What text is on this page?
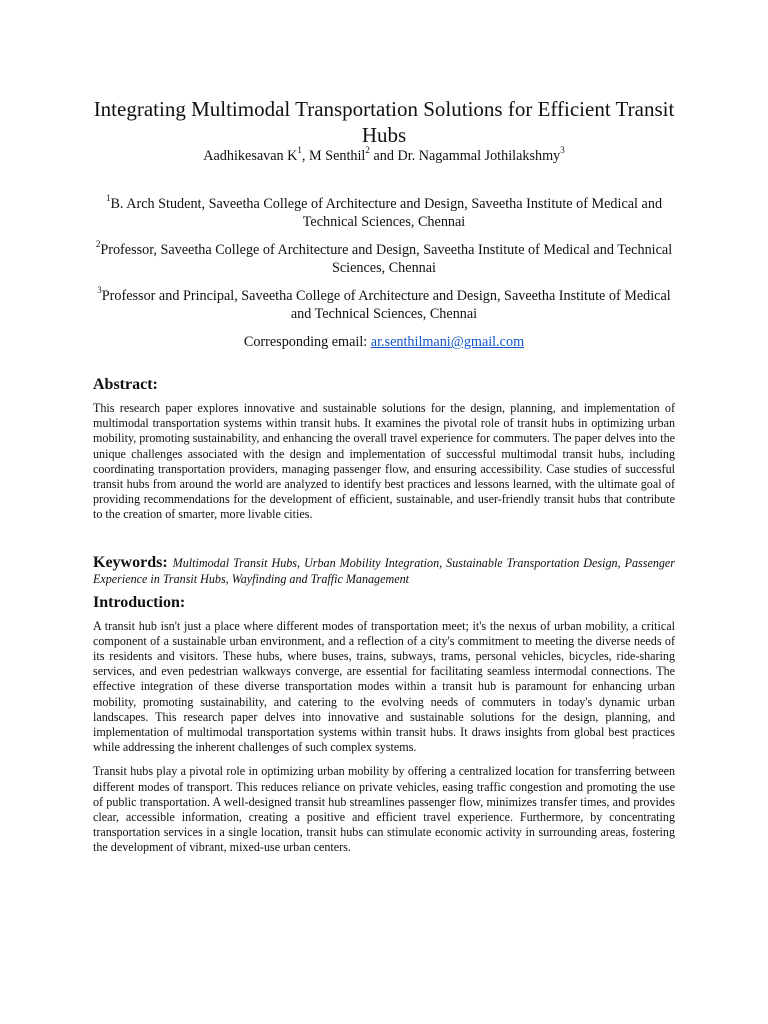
Integrating Multimodal Transportation Solutions for Efficient Transit Hubs

Aadhikesavan $K^1$, M Senthil$^2$ and Dr. Nagammal Jothilakshmy$^3$

$^1$B. Arch Student, Saveetha College of Architecture and Design, Saveetha Institute of Medical and Technical Sciences, Chennai

$^2$Professor, Saveetha College of Architecture and Design, Saveetha Institute of Medical and Technical Sciences, Chennai

$^3$Professor and Principal, Saveetha College of Architecture and Design, Saveetha Institute of Medical and Technical Sciences, Chennai

Corresponding email: ar.senthilmani@gmail.com

Abstract:

This research paper explores innovative and sustainable solutions for the design, planning, and implementation of multimodal transportation systems within transit hubs. It examines the pivotal role of transit hubs in optimizing urban mobility, promoting sustainability, and enhancing the overall travel experience for commuters. The paper delves into the unique challenges associated with the design and implementation of successful multimodal transit hubs, including coordinating transportation providers, managing passenger flow, and ensuring accessibility. Case studies of successful transit hubs from around the world are analyzed to identify best practices and lessons learned, with the ultimate goal of providing recommendations for the development of efficient, sustainable, and user-friendly transit hubs that contribute to the creation of smarter, more livable cities.

Keywords: Multimodal Transit Hubs, Urban Mobility Integration, Sustainable Transportation Design, Passenger Experience in Transit Hubs, Wayfinding and Traffic Management

Introduction:

A transit hub isn't just a place where different modes of transportation meet; it's the nexus of urban mobility, a critical component of a sustainable urban environment, and a reflection of a city's commitment to meeting the diverse needs of its residents and visitors. These hubs, where buses, trains, subways, trams, personal vehicles, bicycles, ride-sharing services, and even pedestrian walkways converge, are essential for facilitating seamless intermodal connections. The effective integration of these diverse transportation modes within a transit hub is paramount for enhancing urban mobility, promoting sustainability, and catering to the evolving needs of commuters in today's dynamic urban landscapes. This research paper delves into innovative and sustainable solutions for the design, planning, and implementation of multimodal transportation systems within transit hubs. It draws insights from global best practices while addressing the inherent challenges of such complex systems.

Transit hubs play a pivotal role in optimizing urban mobility by offering a centralized location for transferring between different modes of transport. This reduces reliance on private vehicles, easing traffic congestion and promoting the use of public transportation. A well-designed transit hub streamlines passenger flow, minimizes transfer times, and provides clear, accessible information, creating a positive and efficient travel experience. Furthermore, by concentrating transportation services in a single location, transit hubs can stimulate economic activity in surrounding areas, fostering the development of vibrant, mixed-use urban centers.
